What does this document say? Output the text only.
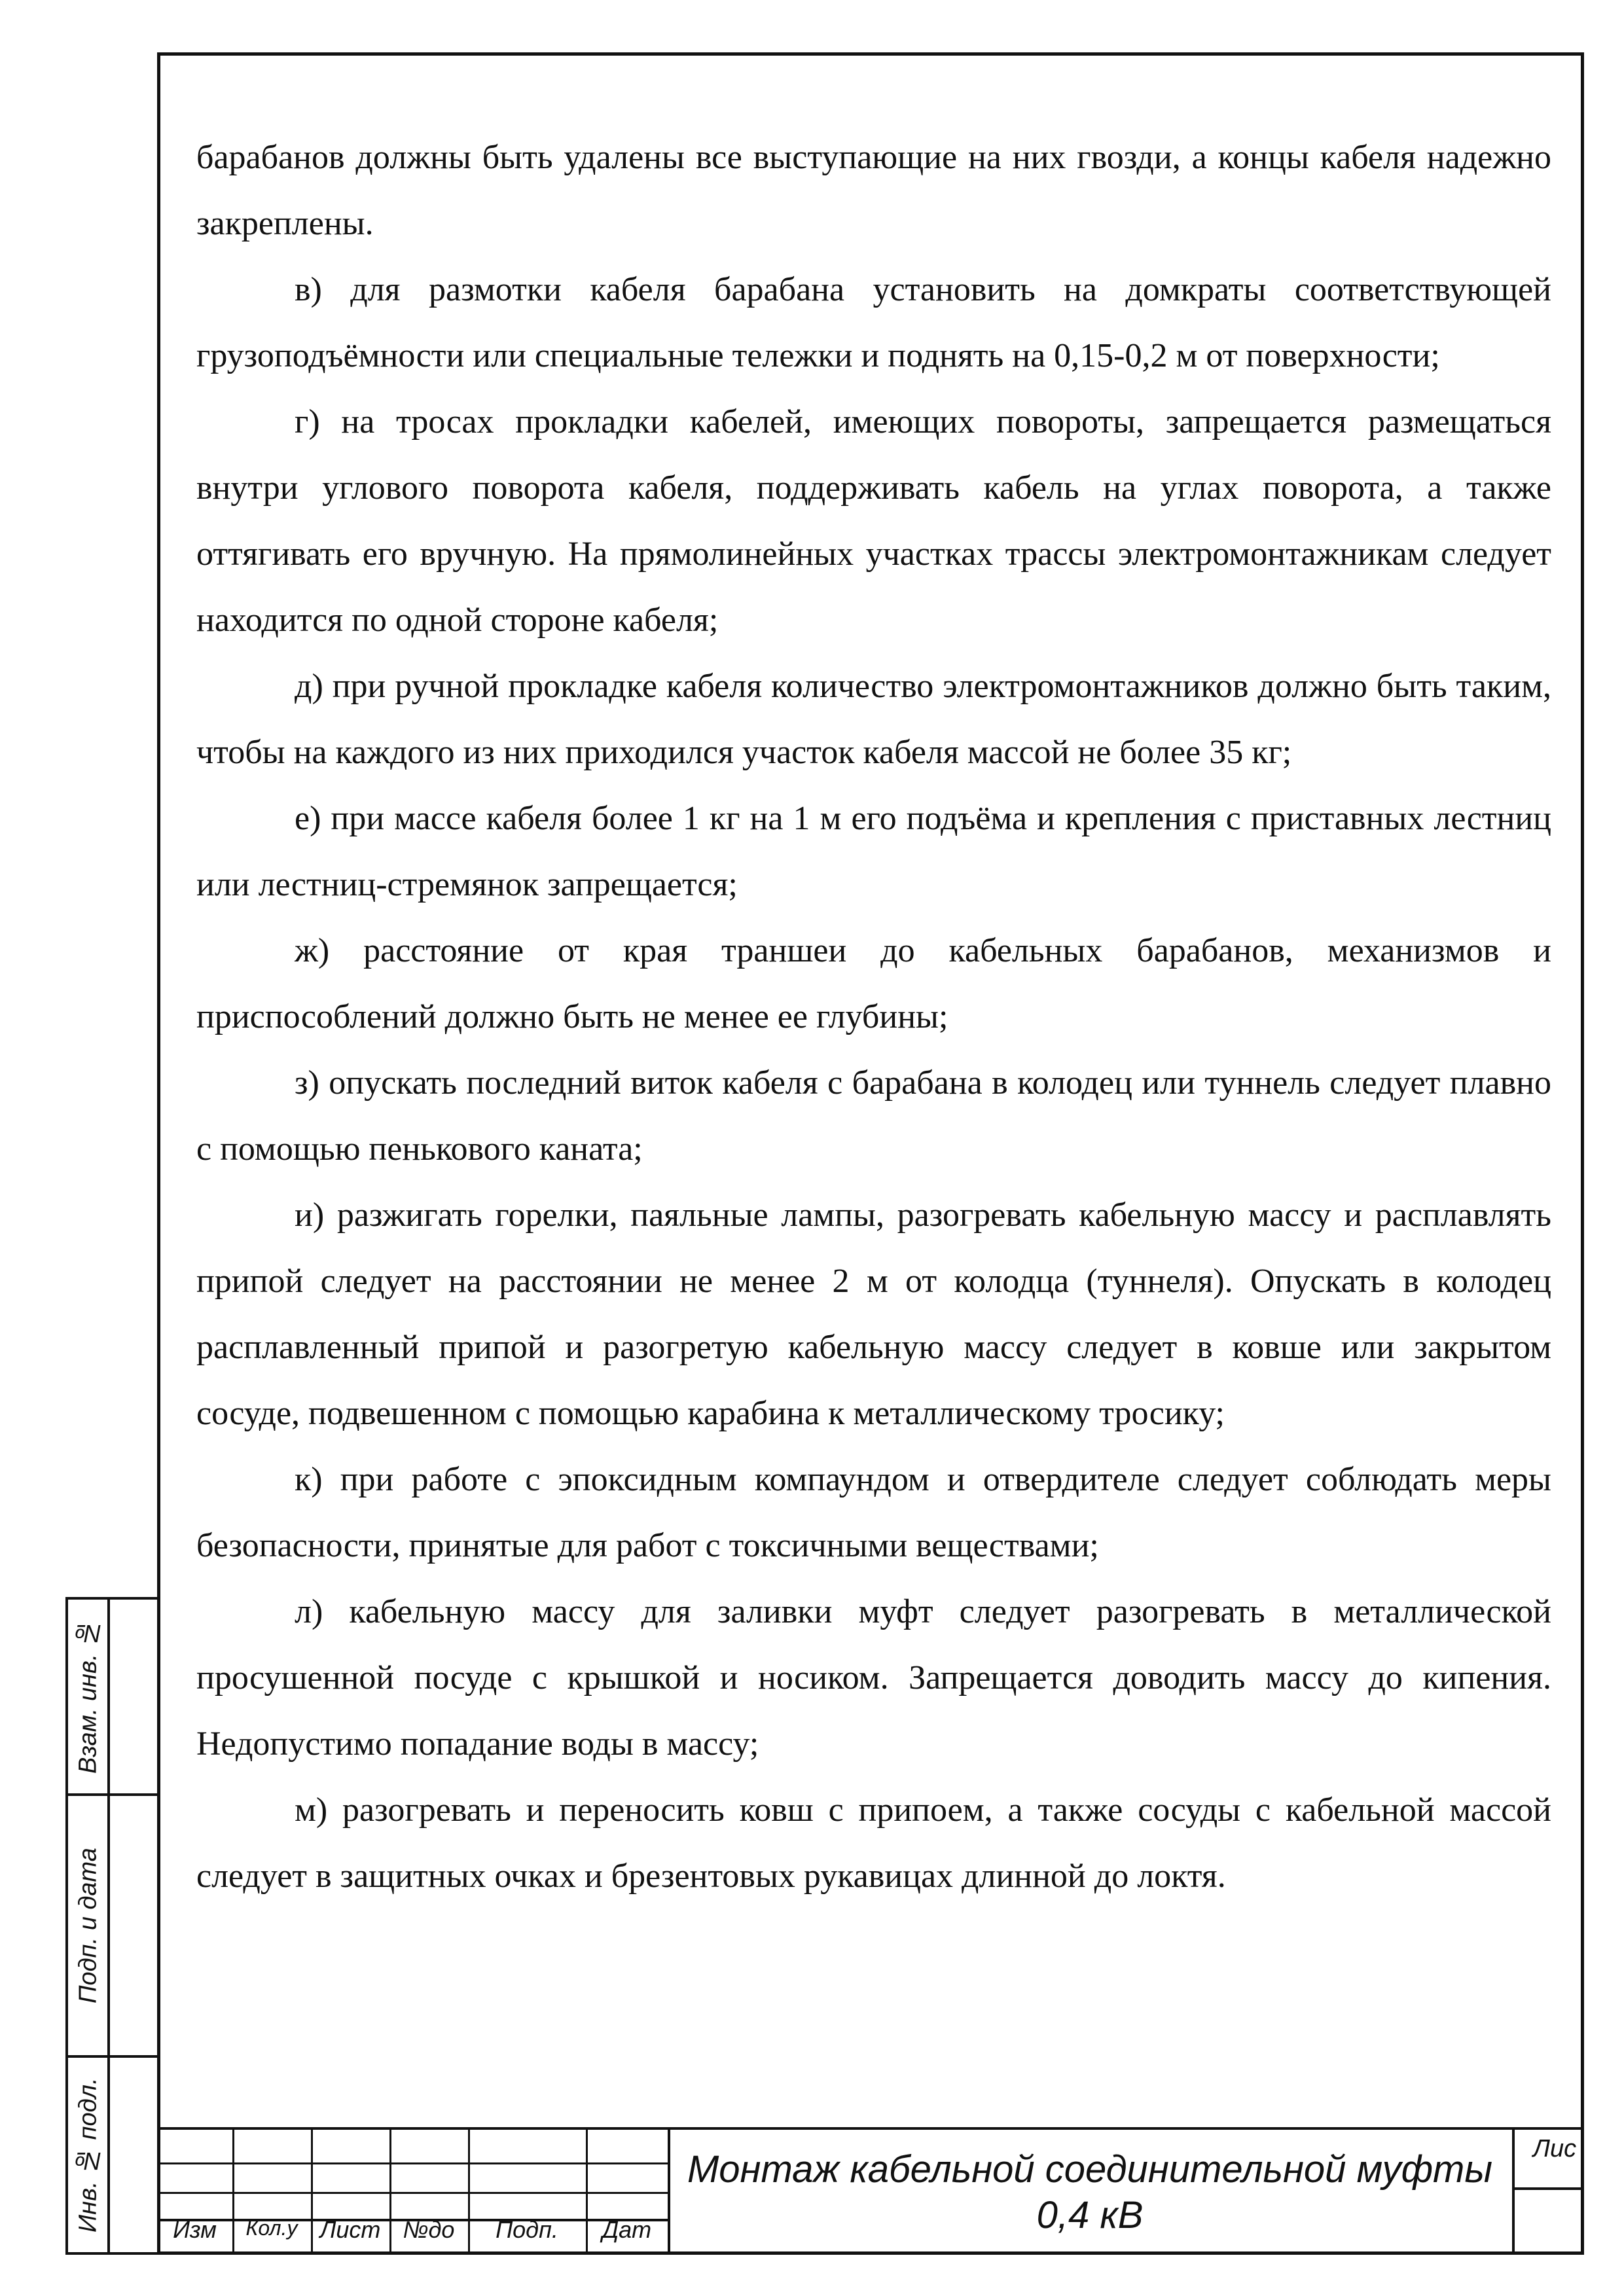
барабанов должны быть удалены все выступающие на них гвозди, а концы кабеля надежно закреплены.

в) для размотки кабеля барабана установить на домкраты соответствующей грузоподъёмности или специальные тележки и поднять на 0,15-0,2 м от поверхности;

г) на тросах прокладки кабелей, имеющих повороты, запрещается размещаться внутри углового поворота кабеля, поддерживать кабель на углах поворота, а также оттягивать его вручную. На прямолинейных участках трассы электромонтажникам следует находится по одной стороне кабеля;

д) при ручной прокладке кабеля количество электромонтажников должно быть таким, чтобы на каждого из них приходился участок кабеля массой не более 35 кг;

е) при массе кабеля более 1 кг на 1 м его подъёма и крепления с приставных лестниц или лестниц-стремянок запрещается;

ж) расстояние от края траншеи до кабельных барабанов, механизмов и приспособлений должно быть не менее ее глубины;

з) опускать последний виток кабеля с барабана в колодец или туннель следует плавно с помощью пенькового каната;

и) разжигать горелки, паяльные лампы, разогревать кабельную массу и расплавлять припой следует на расстоянии не менее 2 м от колодца (туннеля). Опускать в колодец расплавленный припой и разогретую кабельную массу следует в ковше или закрытом сосуде, подвешенном с помощью карабина к металлическому тросику;

к) при работе с эпоксидным компаундом и отвердителе следует соблюдать меры безопасности, принятые для работ с токсичными веществами;

л) кабельную массу для заливки муфт следует разогревать в металлической просушенной посуде с крышкой и носиком. Запрещается доводить массу до кипения. Недопустимо попадание воды в массу;

м) разогревать и переносить ковш с припоем, а также сосуды с кабельной массой следует в защитных очках и брезентовых рукавицах длинной до локтя.

Взам. инв. №
Подп. и дата
Инв. № подл.	Изм	Кол.у Лист №до	Подп.	Дат
Монтаж кабельной соединительной муфты
0,4 кВ
Лис
